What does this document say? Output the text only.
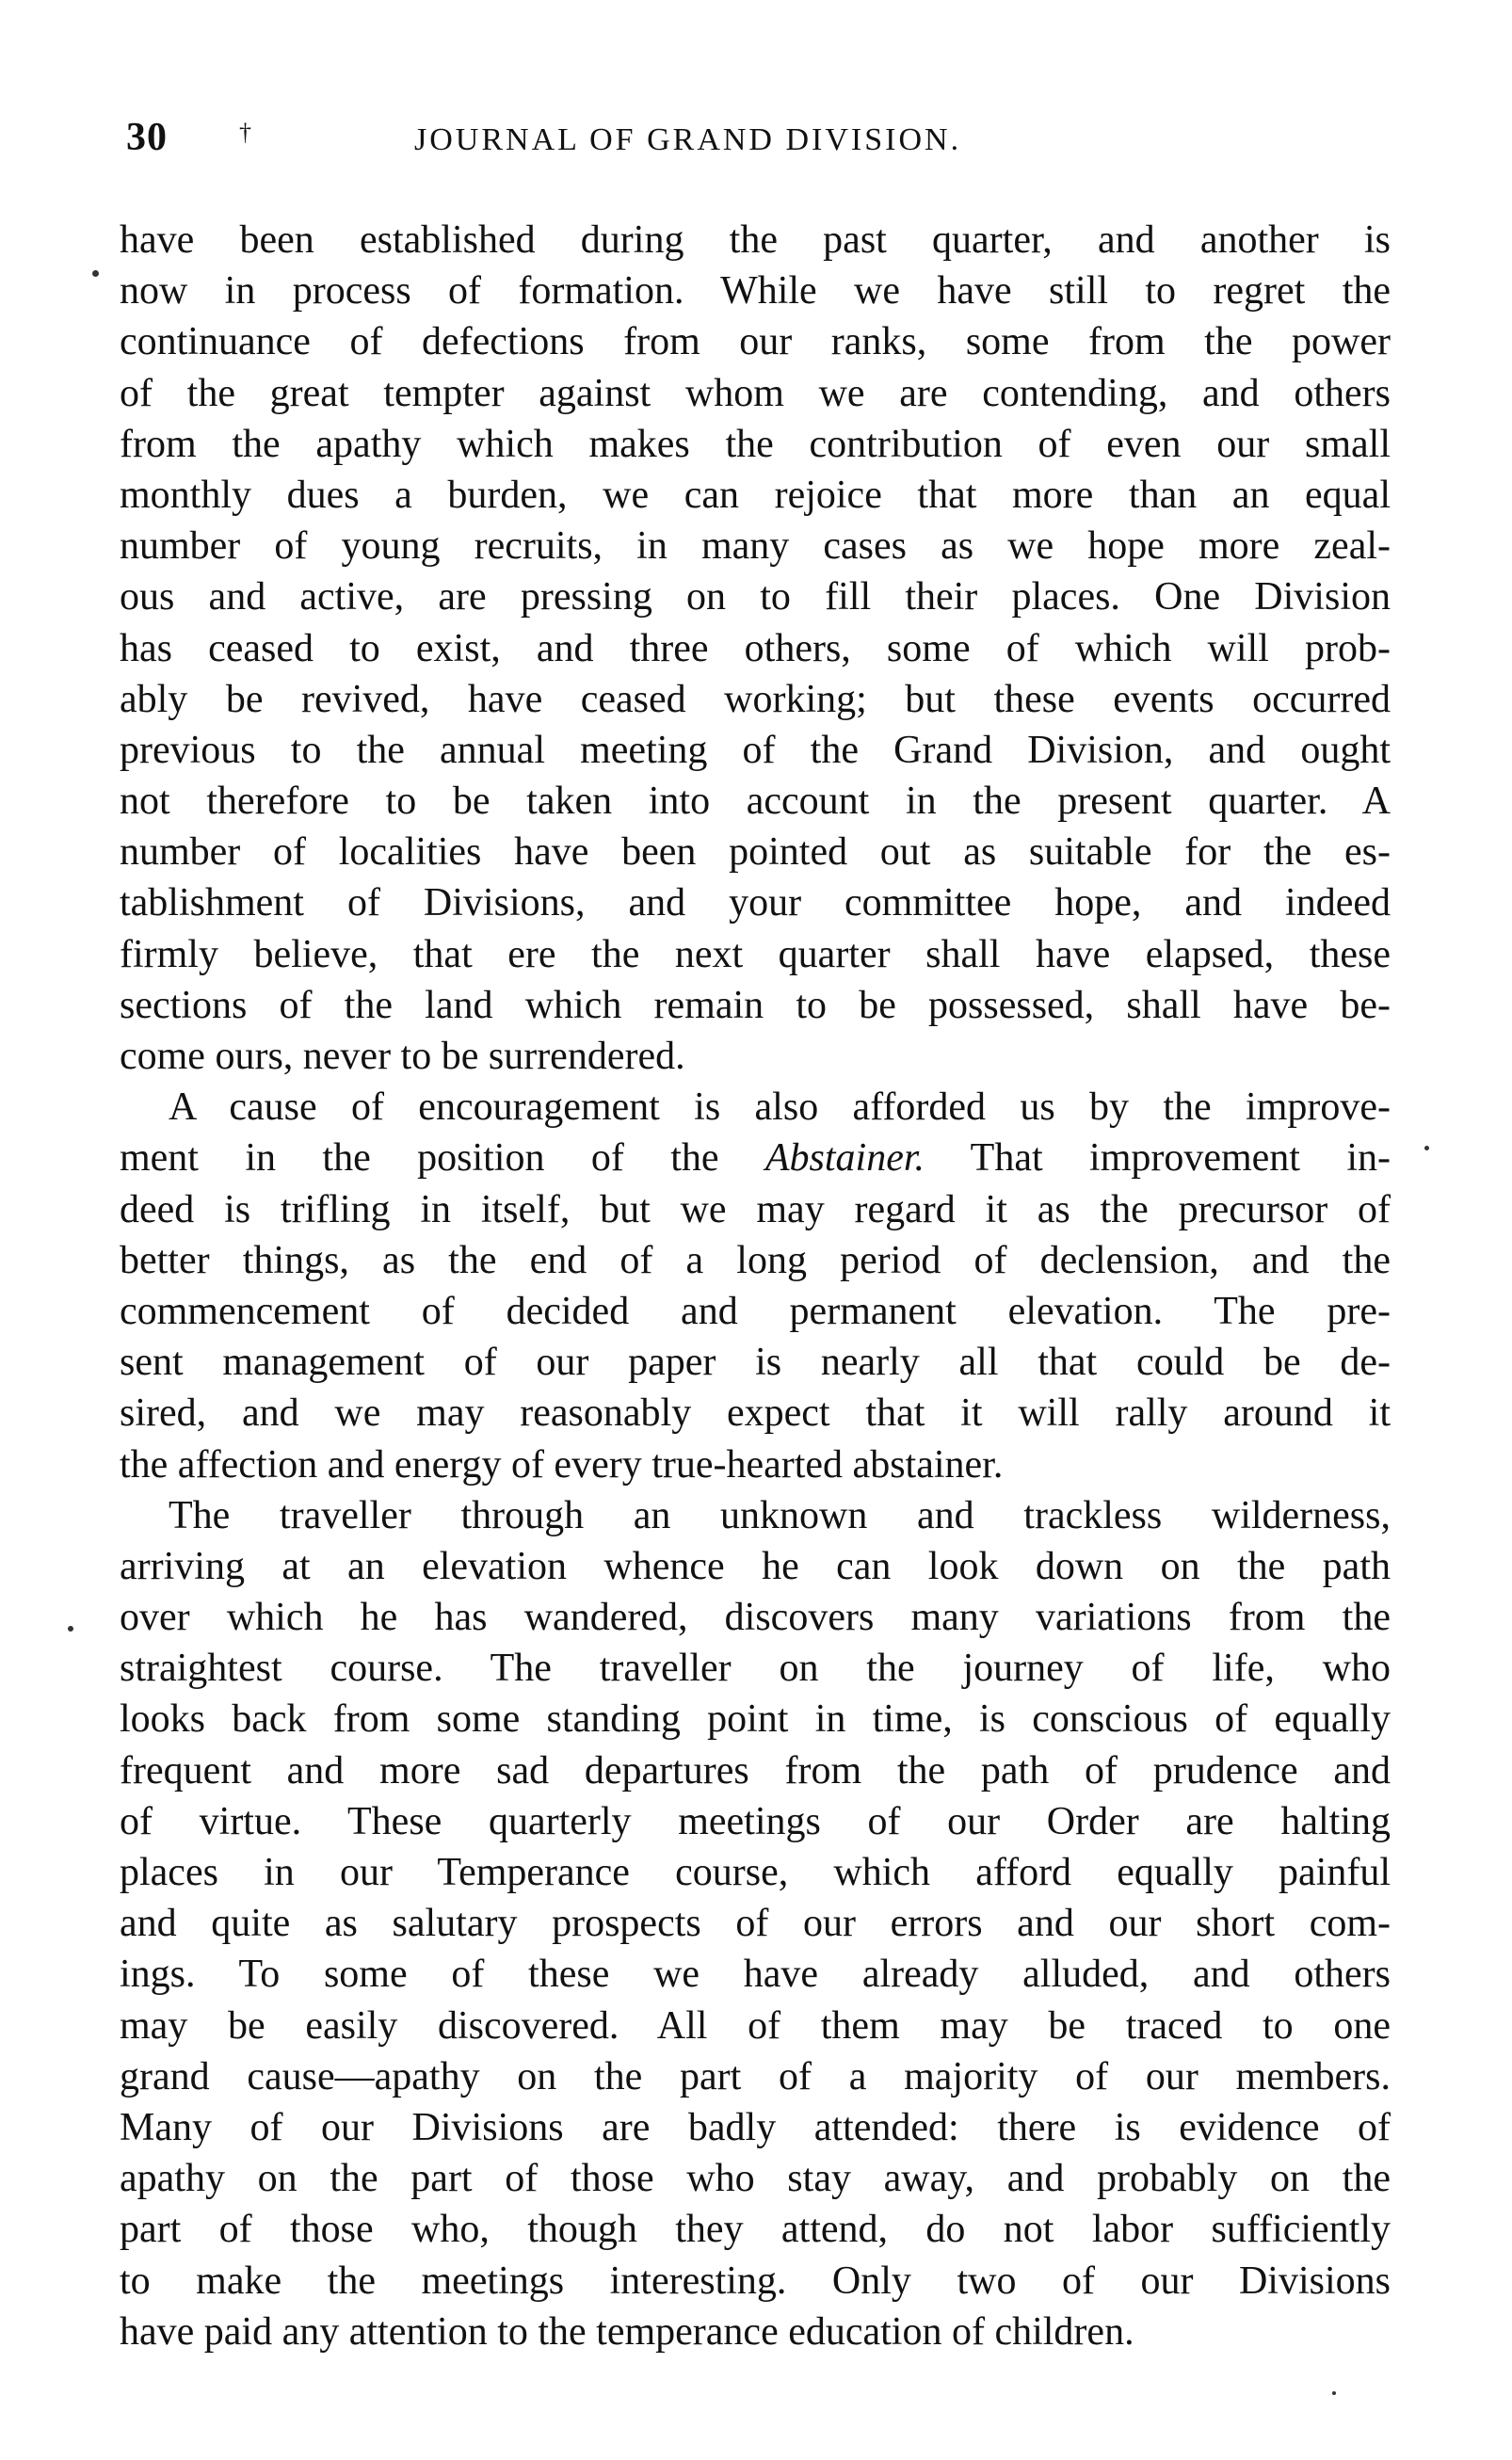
30	†	JOURNAL OF GRAND DIVISION.
have been established during the past quarter, and another is
now in process of formation. While we have still to regret the
continuance of defections from our ranks, some from the power
of the great tempter against whom we are contending, and others
from the apathy which makes the contribution of even our small
monthly dues a burden, we can rejoice that more than an equal
number of young recruits, in many cases as we hope more zeal-
ous and active, are pressing on to fill their places. One Division
has ceased to exist, and three others, some of which will prob-
ably be revived, have ceased working; but these events occurred
previous to the annual meeting of the Grand Division, and ought
not therefore to be taken into account in the present quarter. A
number of localities have been pointed out as suitable for the es-
tablishment of Divisions, and your committee hope, and indeed
firmly believe, that ere the next quarter shall have elapsed, these
sections of the land which remain to be possessed, shall have be-
come ours, never to be surrendered.
A cause of encouragement is also afforded us by the improve-
ment in the position of the Abstainer. That improvement in-
deed is trifling in itself, but we may regard it as the precursor of
better things, as the end of a long period of declension, and the
commencement of decided and permanent elevation. The pre-
sent management of our paper is nearly all that could be de-
sired, and we may reasonably expect that it will rally around it
the affection and energy of every true-hearted abstainer.
The traveller through an unknown and trackless wilderness,
arriving at an elevation whence he can look down on the path
over which he has wandered, discovers many variations from the
straightest course. The traveller on the journey of life, who
looks back from some standing point in time, is conscious of equally
frequent and more sad departures from the path of prudence and
of virtue. These quarterly meetings of our Order are halting
places in our Temperance course, which afford equally painful
and quite as salutary prospects of our errors and our short com-
ings. To some of these we have already alluded, and others
may be easily discovered. All of them may be traced to one
grand cause—apathy on the part of a majority of our members.
Many of our Divisions are badly attended: there is evidence of
apathy on the part of those who stay away, and probably on the
part of those who, though they attend, do not labor sufficiently
to make the meetings interesting. Only two of our Divisions
have paid any attention to the temperance education of children.
